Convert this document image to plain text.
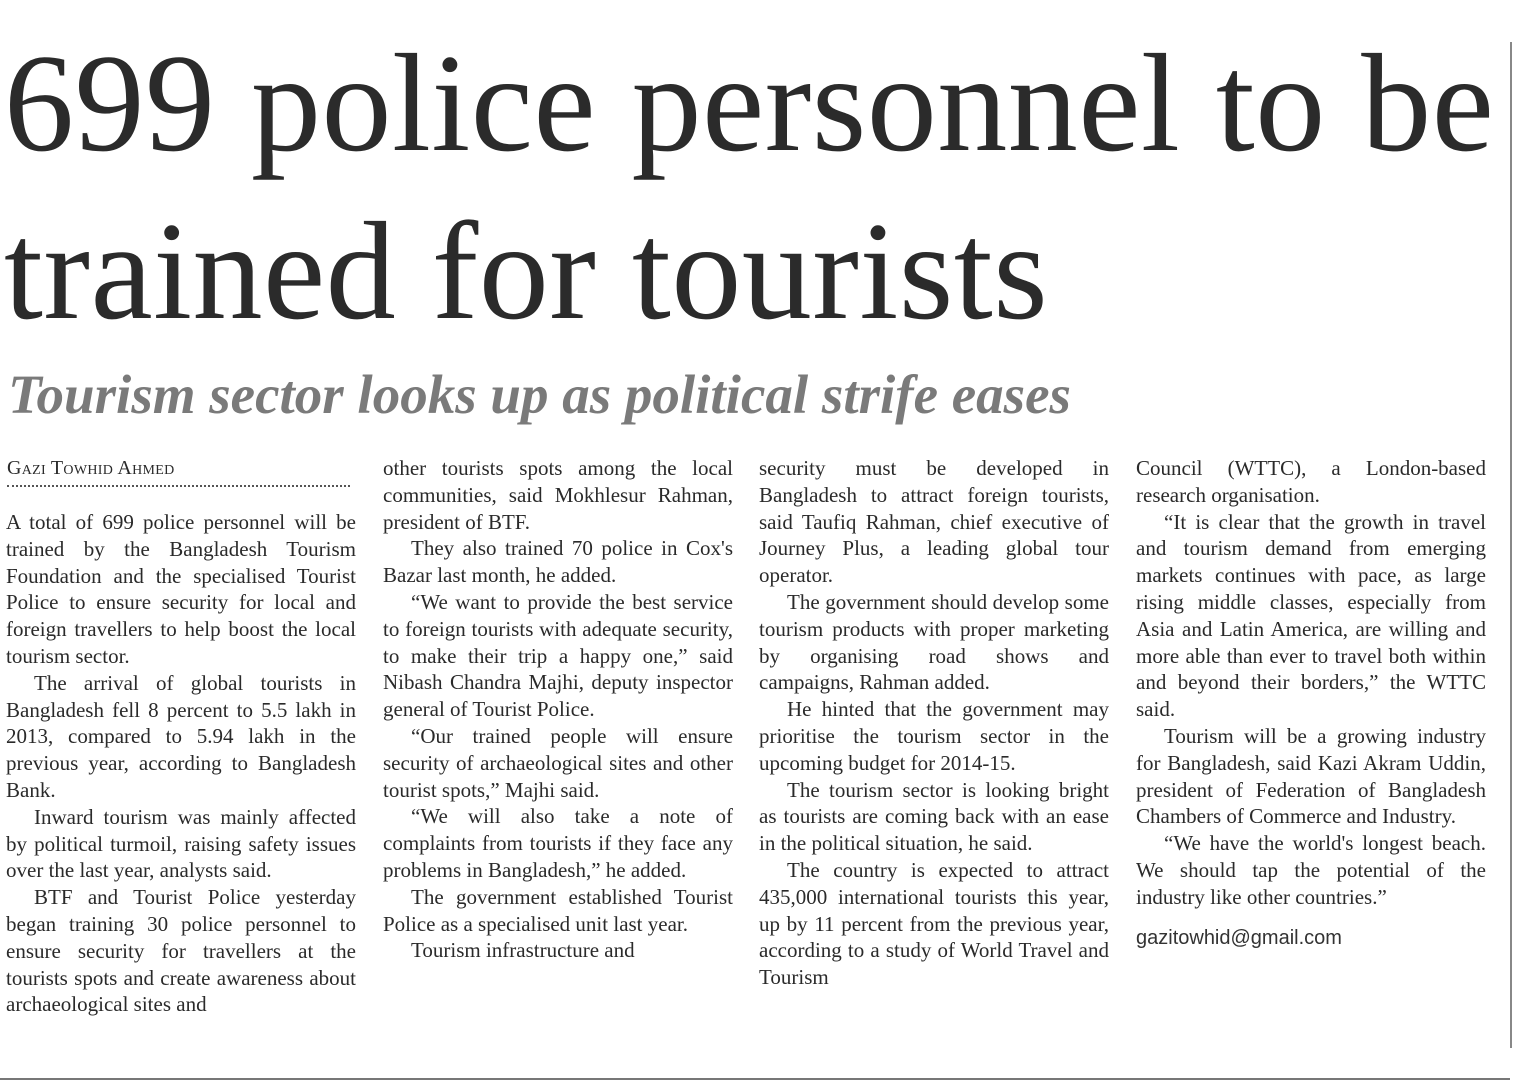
699 police personnel to be trained for tourists
Tourism sector looks up as political strife eases
Gazi Towhid Ahmed

A total of 699 police personnel will be trained by the Bangladesh Tourism Foundation and the specialised Tourist Police to ensure security for local and foreign travellers to help boost the local tourism sector.

The arrival of global tourists in Bangladesh fell 8 percent to 5.5 lakh in 2013, compared to 5.94 lakh in the previous year, according to Bangladesh Bank.

Inward tourism was mainly affected by political turmoil, raising safety issues over the last year, analysts said.

BTF and Tourist Police yesterday began training 30 police personnel to ensure security for travellers at the tourists spots and create awareness about archaeological sites and

other tourists spots among the local communities, said Mokhlesur Rahman, president of BTF.

They also trained 70 police in Cox's Bazar last month, he added.

“We want to provide the best service to foreign tourists with adequate security, to make their trip a happy one,” said Nibash Chandra Majhi, deputy inspector general of Tourist Police.

“Our trained people will ensure security of archaeological sites and other tourist spots,” Majhi said.

“We will also take a note of complaints from tourists if they face any problems in Bangladesh,” he added.

The government established Tourist Police as a specialised unit last year.

Tourism infrastructure and

security must be developed in Bangladesh to attract foreign tourists, said Taufiq Rahman, chief executive of Journey Plus, a leading global tour operator.

The government should develop some tourism products with proper marketing by organising road shows and campaigns, Rahman added.

He hinted that the government may prioritise the tourism sector in the upcoming budget for 2014-15.

The tourism sector is looking bright as tourists are coming back with an ease in the political situation, he said.

The country is expected to attract 435,000 international tourists this year, up by 11 percent from the previous year, according to a study of World Travel and Tourism

Council (WTTC), a London-based research organisation.

“It is clear that the growth in travel and tourism demand from emerging markets continues with pace, as large rising middle classes, especially from Asia and Latin America, are willing and more able than ever to travel both within and beyond their borders,” the WTTC said.

Tourism will be a growing industry for Bangladesh, said Kazi Akram Uddin, president of Federation of Bangladesh Chambers of Commerce and Industry.

“We have the world's longest beach. We should tap the potential of the industry like other countries.”

gazitowhid@gmail.com
